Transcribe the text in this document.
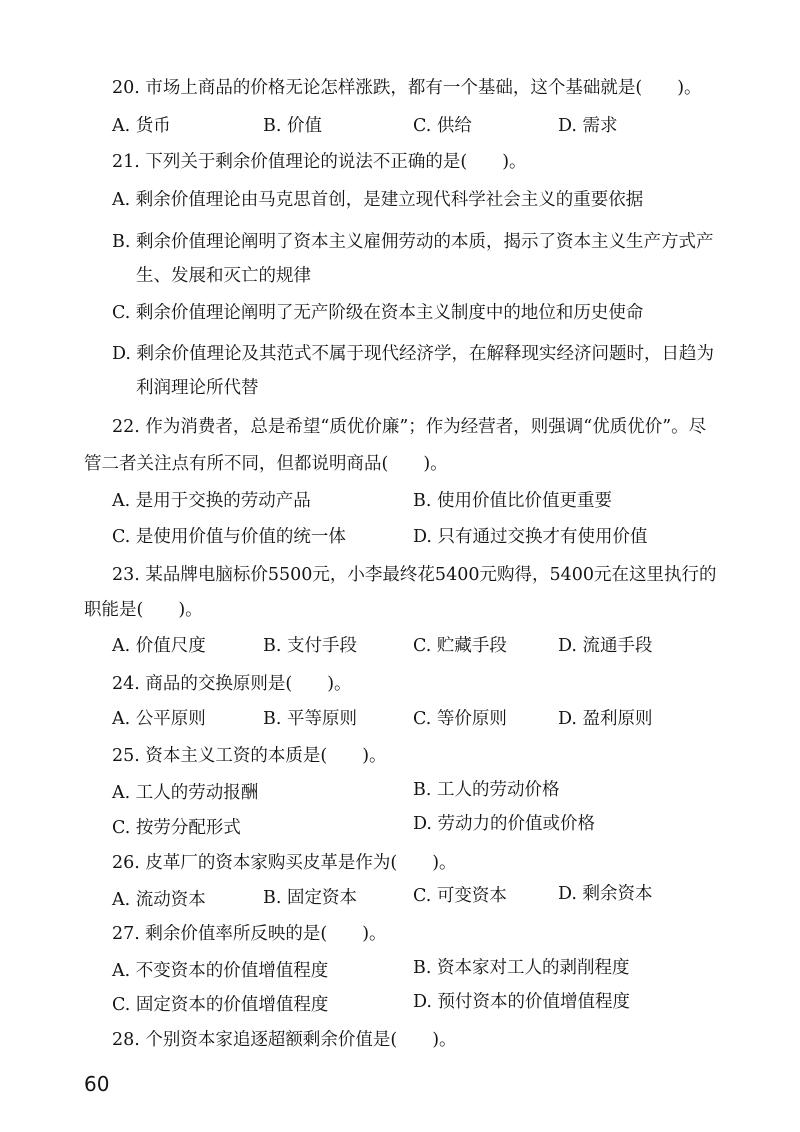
20. 市场上商品的价格无论怎样涨跌，都有一个基础，这个基础就是(　　)。
A. 货币	B. 价值	C. 供给	D. 需求
21. 下列关于剩余价值理论的说法不正确的是(　　)。
A. 剩余价值理论由马克思首创，是建立现代科学社会主义的重要依据
B. 剩余价值理论阐明了资本主义雇佣劳动的本质，揭示了资本主义生产方式产
生、发展和灭亡的规律
C. 剩余价值理论阐明了无产阶级在资本主义制度中的地位和历史使命
D. 剩余价值理论及其范式不属于现代经济学，在解释现实经济问题时，日趋为
利润理论所代替
22. 作为消费者，总是希望“质优价廉”；作为经营者，则强调“优质优价”。尽
管二者关注点有所不同，但都说明商品(　　)。
A. 是用于交换的劳动产品	B. 使用价值比价值更重要
C. 是使用价值与价值的统一体	D. 只有通过交换才有使用价值
23. 某品牌电脑标价5500元，小李最终花5400元购得，5400元在这里执行的
职能是(　　)。
A. 价值尺度	B. 支付手段	C. 贮藏手段	D. 流通手段
24. 商品的交换原则是(　　)。
A. 公平原则	B. 平等原则	C. 等价原则	D. 盈利原则
25. 资本主义工资的本质是(　　)。
A. 工人的劳动报酬	B. 工人的劳动价格
C. 按劳分配形式	D. 劳动力的价值或价格
26. 皮革厂的资本家购买皮革是作为(　　)。
A. 流动资本	B. 固定资本	C. 可变资本	D. 剩余资本
27. 剩余价值率所反映的是(　　)。
A. 不变资本的价值增值程度	B. 资本家对工人的剥削程度
C. 固定资本的价值增值程度	D. 预付资本的价值增值程度
28. 个别资本家追逐超额剩余价值是(　　)。
60
